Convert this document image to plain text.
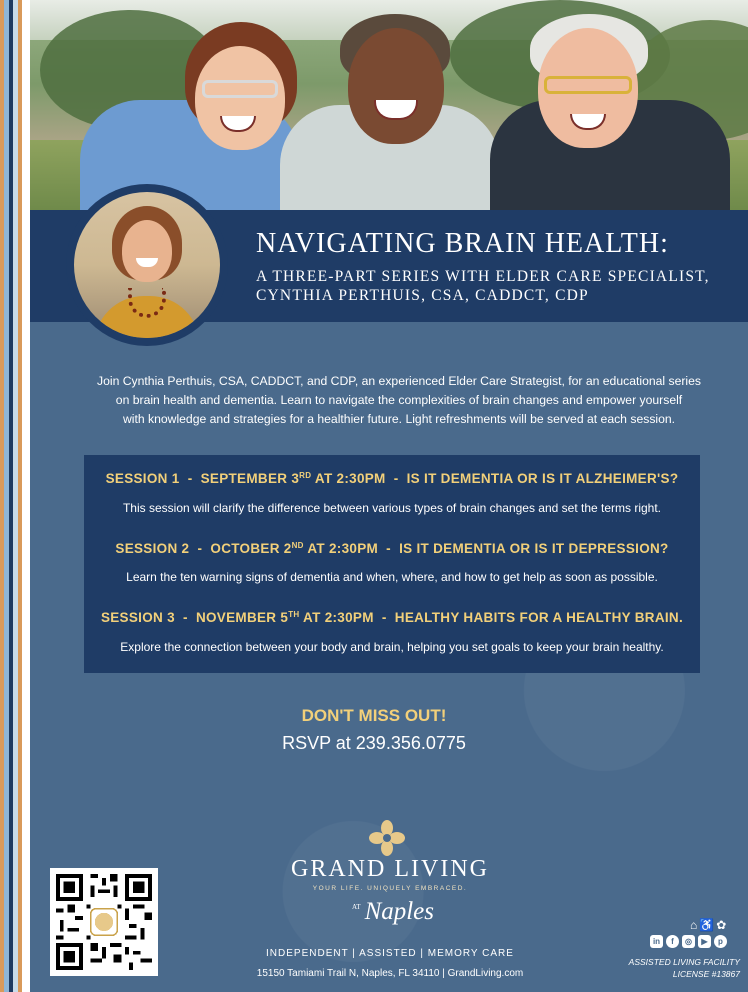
NAVIGATING BRAIN HEALTH:
A THREE-PART SERIES WITH ELDER CARE SPECIALIST,
CYNTHIA PERTHUIS, CSA, CADDCT, CDP
Join Cynthia Perthuis, CSA, CADDCT, and CDP, an experienced Elder Care Strategist, for an educational series
on brain health and dementia. Learn to navigate the complexities of brain changes and empower yourself
with knowledge and strategies for a healthier future. Light refreshments will be served at each session.
SESSION 1 - SEPTEMBER 3RD AT 2:30PM - IS IT DEMENTIA OR IS IT ALZHEIMER'S?
This session will clarify the difference between various types of brain changes and set the terms right.
SESSION 2 - OCTOBER 2ND AT 2:30PM - IS IT DEMENTIA OR IS IT DEPRESSION?
Learn the ten warning signs of dementia and when, where, and how to get help as soon as possible.
SESSION 3 - NOVEMBER 5TH AT 2:30PM - HEALTHY HABITS FOR A HEALTHY BRAIN.
Explore the connection between your body and brain, helping you set goals to keep your brain healthy.
DON'T MISS OUT!
RSVP at 239.356.0775
GRAND LIVING
YOUR LIFE. UNIQUELY EMBRACED.
$^{AT}$ Naples
INDEPENDENT | ASSISTED | MEMORY CARE
15150 Tamiami Trail N, Naples, FL 34110 | GrandLiving.com
⌂♿✿
in	f	◎	▶	p
ASSISTED LIVING FACILITY
LICENSE #13867
